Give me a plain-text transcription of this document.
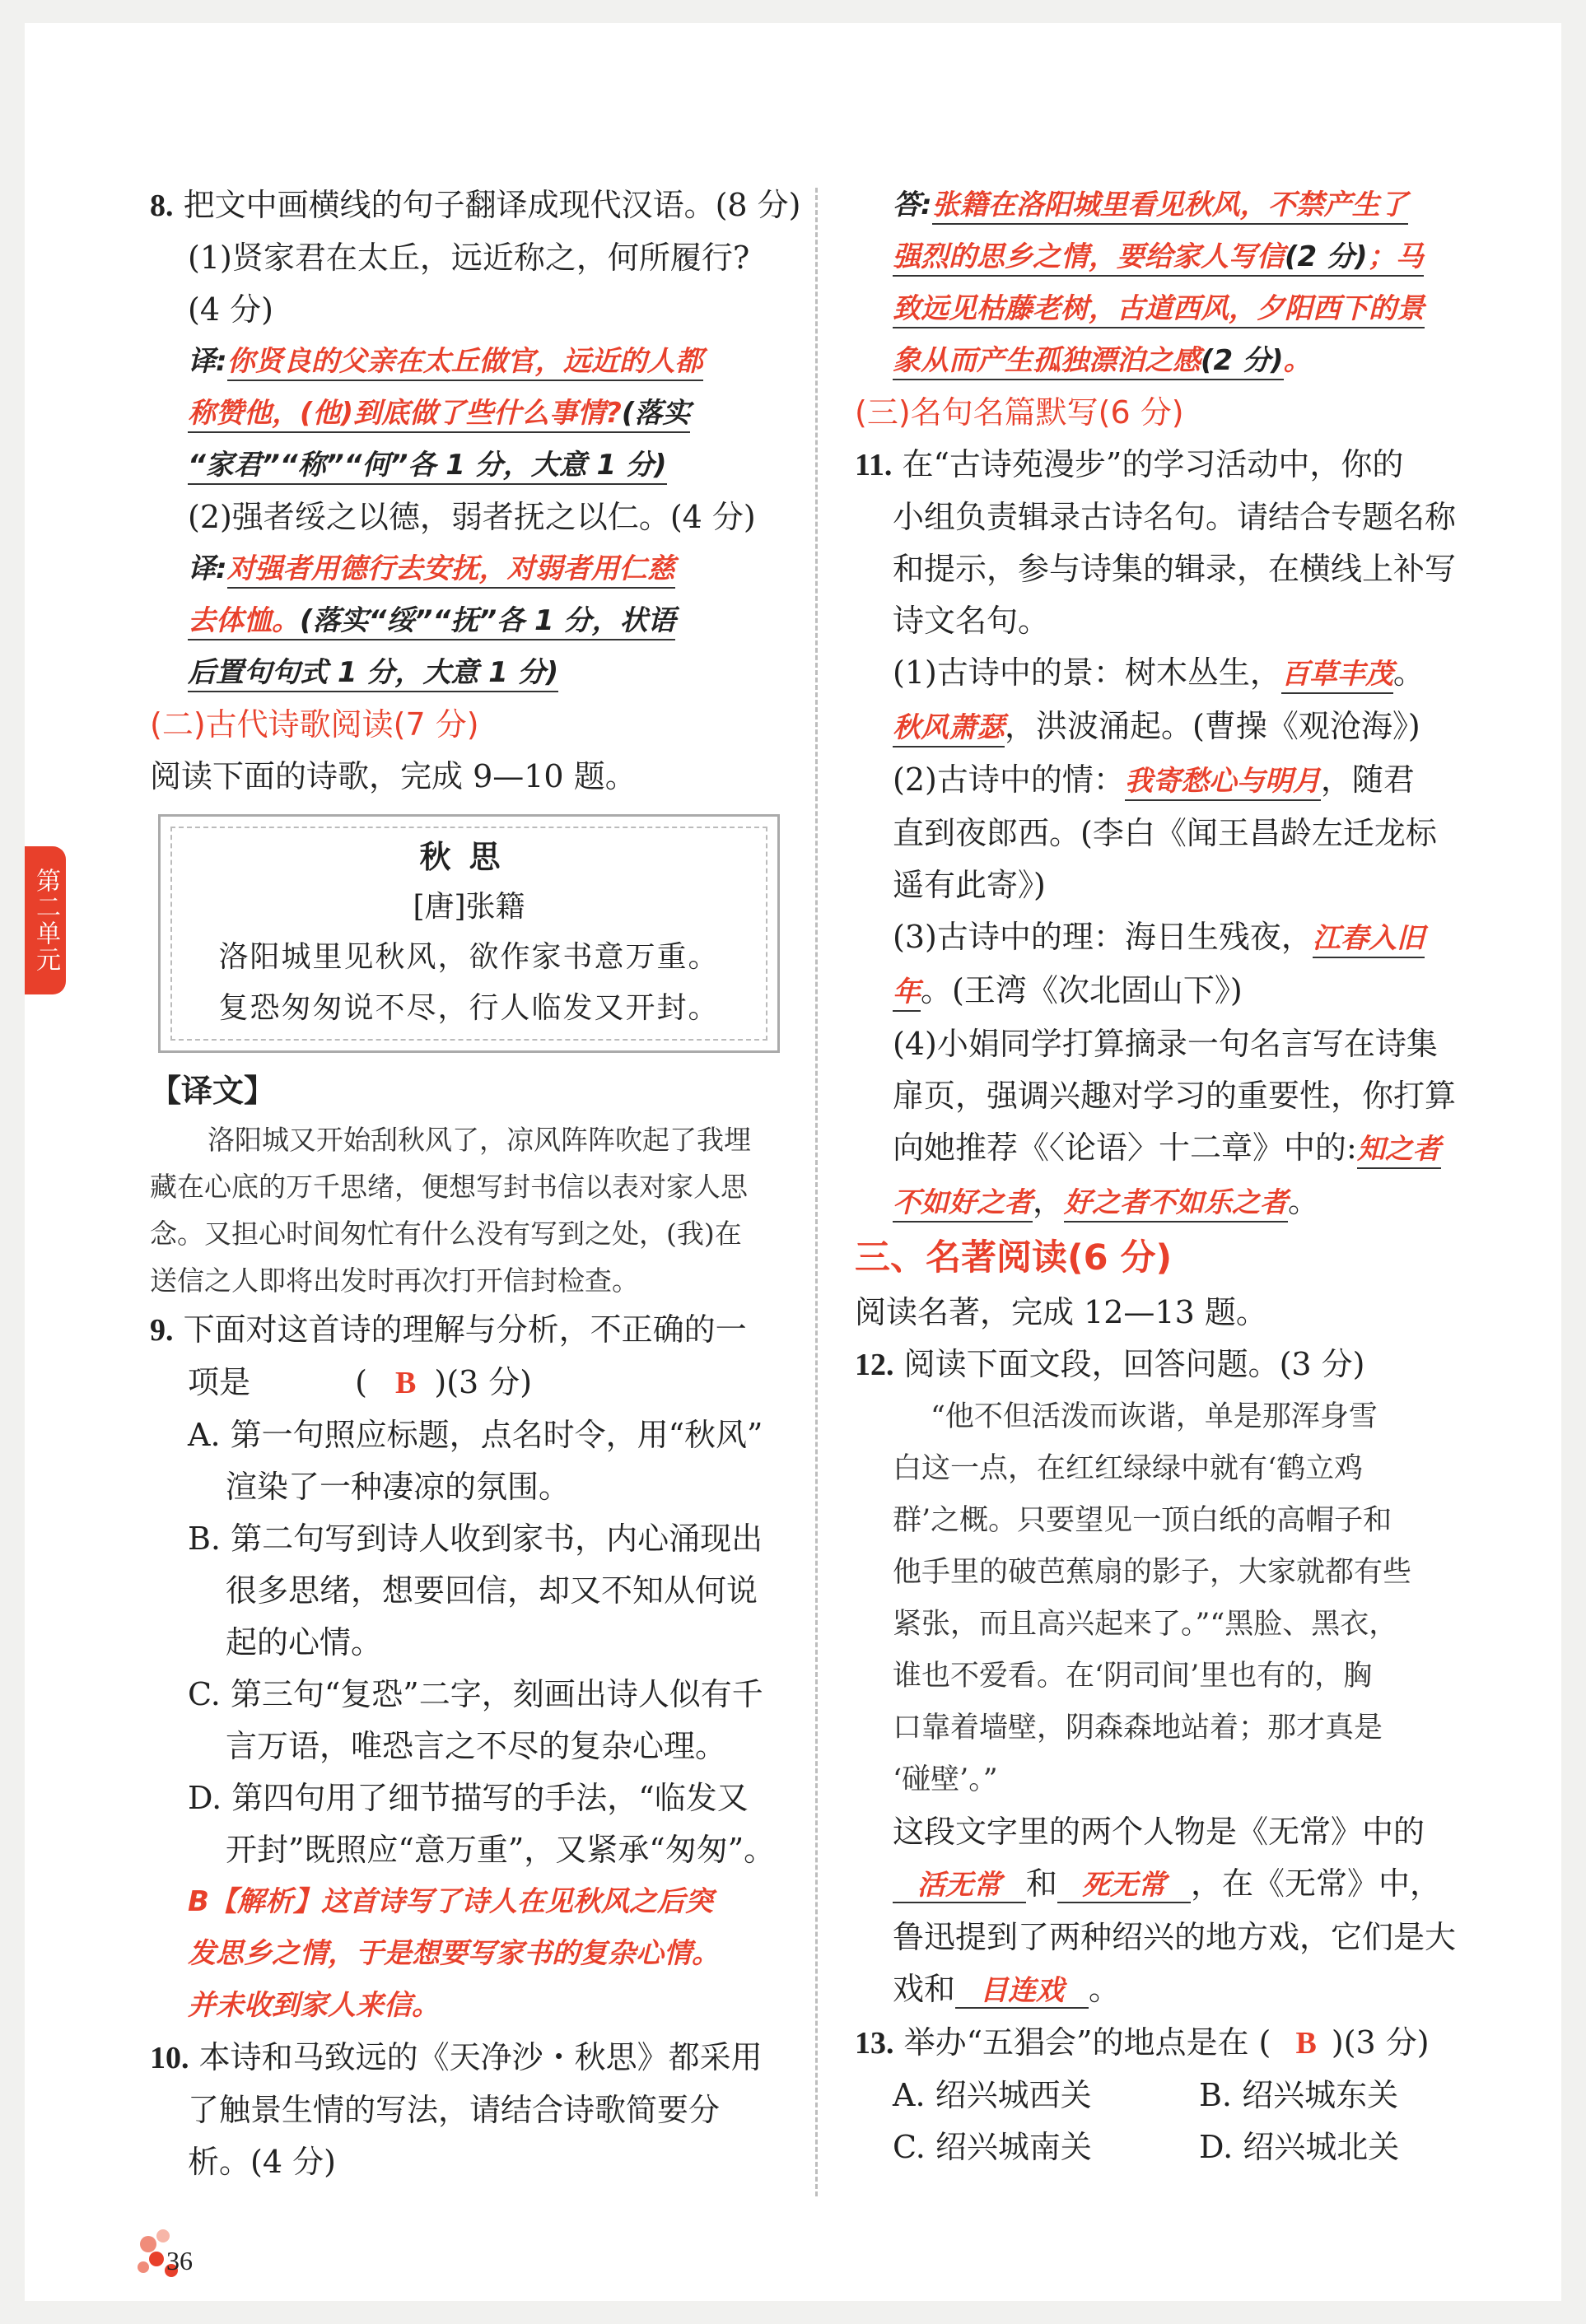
第二单元
8. 把文中画横线的句子翻译成现代汉语。(8 分)
(1)贤家君在太丘，远近称之，何所履行?
(4 分)
译:你贤良的父亲在太丘做官，远近的人都
称赞他，(他)到底做了些什么事情?(落实
“家君”“称”“何”各 1 分，大意 1 分)
(2)强者绥之以德，弱者抚之以仁。(4 分)
译:对强者用德行去安抚，对弱者用仁慈
去体恤。(落实“绥”“抚”各 1 分，状语
后置句句式 1 分，大意 1 分)
(二)古代诗歌阅读(7 分)
阅读下面的诗歌，完成 9—10 题。
秋思
[唐]张籍
洛阳城里见秋风，欲作家书意万重。
复恐匆匆说不尽，行人临发又开封。
【译文】
洛阳城又开始刮秋风了，凉风阵阵吹起了我埋
藏在心底的万千思绪，便想写封书信以表对家人思
念。又担心时间匆忙有什么没有写到之处，(我)在
送信之人即将出发时再次打开信封检查。
9. 下面对这首诗的理解与分析，不正确的一
项是	( B )(3 分)
A. 第一句照应标题，点名时令，用“秋风”
渲染了一种凄凉的氛围。
B. 第二句写到诗人收到家书，内心涌现出
很多思绪，想要回信，却又不知从何说
起的心情。
C. 第三句“复恐”二字，刻画出诗人似有千
言万语，唯恐言之不尽的复杂心理。
D. 第四句用了细节描写的手法，“临发又
开封”既照应“意万重”，又紧承“匆匆”。
B【解析】这首诗写了诗人在见秋风之后突
发思乡之情，于是想要写家书的复杂心情。
并未收到家人来信。
10. 本诗和马致远的《天净沙・秋思》都采用
了触景生情的写法，请结合诗歌简要分
析。(4 分)
答:张籍在洛阳城里看见秋风，不禁产生了
强烈的思乡之情，要给家人写信(2 分)；马
致远见枯藤老树，古道西风，夕阳西下的景
象从而产生孤独漂泊之感(2 分)。
(三)名句名篇默写(6 分)
11. 在“古诗苑漫步”的学习活动中，你的
小组负责辑录古诗名句。请结合专题名称
和提示，参与诗集的辑录，在横线上补写
诗文名句。
(1)古诗中的景：树木丛生，百草丰茂。
秋风萧瑟，洪波涌起。(曹操《观沧海》)
(2)古诗中的情：我寄愁心与明月，随君
直到夜郎西。(李白《闻王昌龄左迁龙标
遥有此寄》)
(3)古诗中的理：海日生残夜，江春入旧
年。(王湾《次北固山下》)
(4)小娟同学打算摘录一句名言写在诗集
扉页，强调兴趣对学习的重要性，你打算
向她推荐《〈论语〉十二章》中的:知之者
不如好之者，好之者不如乐之者。
三、名著阅读(6 分)
阅读名著，完成 12—13 题。
12. 阅读下面文段，回答问题。(3 分)
“他不但活泼而诙谐，单是那浑身雪
白这一点，在红红绿绿中就有‘鹤立鸡
群’之概。只要望见一顶白纸的高帽子和
他手里的破芭蕉扇的影子，大家就都有些
紧张，而且高兴起来了。”“黑脸、黑衣，
谁也不爱看。在‘阴司间’里也有的，胸
口靠着墙壁，阴森森地站着；那才真是
‘碰壁’。”
这段文字里的两个人物是《无常》中的
活无常 和 死无常 ，在《无常》中，
鲁迅提到了两种绍兴的地方戏，它们是大
戏和 目连戏 。
13. 举办“五猖会”的地点是在 ( B )(3 分)
A. 绍兴城西关	B. 绍兴城东关
C. 绍兴城南关	D. 绍兴城北关
36
